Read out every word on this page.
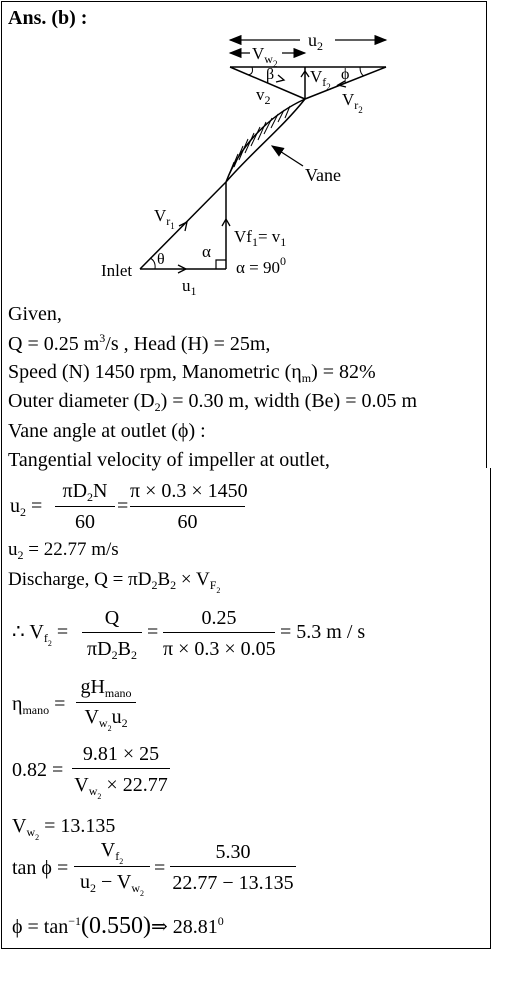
Ans. (b) :
$u_2$
$V_{w_2}$
β $V_{f_2}$
ϕ
$v_2$	$V_{r_2}$
Vane
$V_{r_1}$
$Vf_1= v_1$
α
$\alpha = 90^0$
θ
Inlet
$u_1$
Given,
Q = 0.25 $m^3/s$ , Head (H) = 25m,
Speed (N) 1450 rpm, Manometric $(\eta_m) = 82\%$
Outer diameter $(D_2) = 0.30$ m, width (Be) = 0.05 m
Vane angle at outlet (ϕ) :
Tangential velocity of impeller at outlet,
$u_2$ =
$\pi D_2N$
60
=
π × 0.3 × 1450
60
$u_2 = 22.77$ m/s
Discharge, $Q = \pi D_2B_2 \times V_{F_2}$
∴ $V_{f_2}$ =
Q
$\pi D_2B_2$
=
0.25
π × 0.3 × 0.05
= 5.3 m / s
$\eta_{mano}$ =
$gH_{mano}$
$V_{w_2}u_2$
0.82 =
9.81 × 25
$V_{w_2} \times 22.77$
$V_{w_2} = 13.135$
tan ϕ =
$V_{f_2}$
$u_2 - V_{w_2}$
=
5.30
22.77 − 13.135
$\phi = \tan^{-1}(0.550)\Rightarrow$ 28.81$^0$
